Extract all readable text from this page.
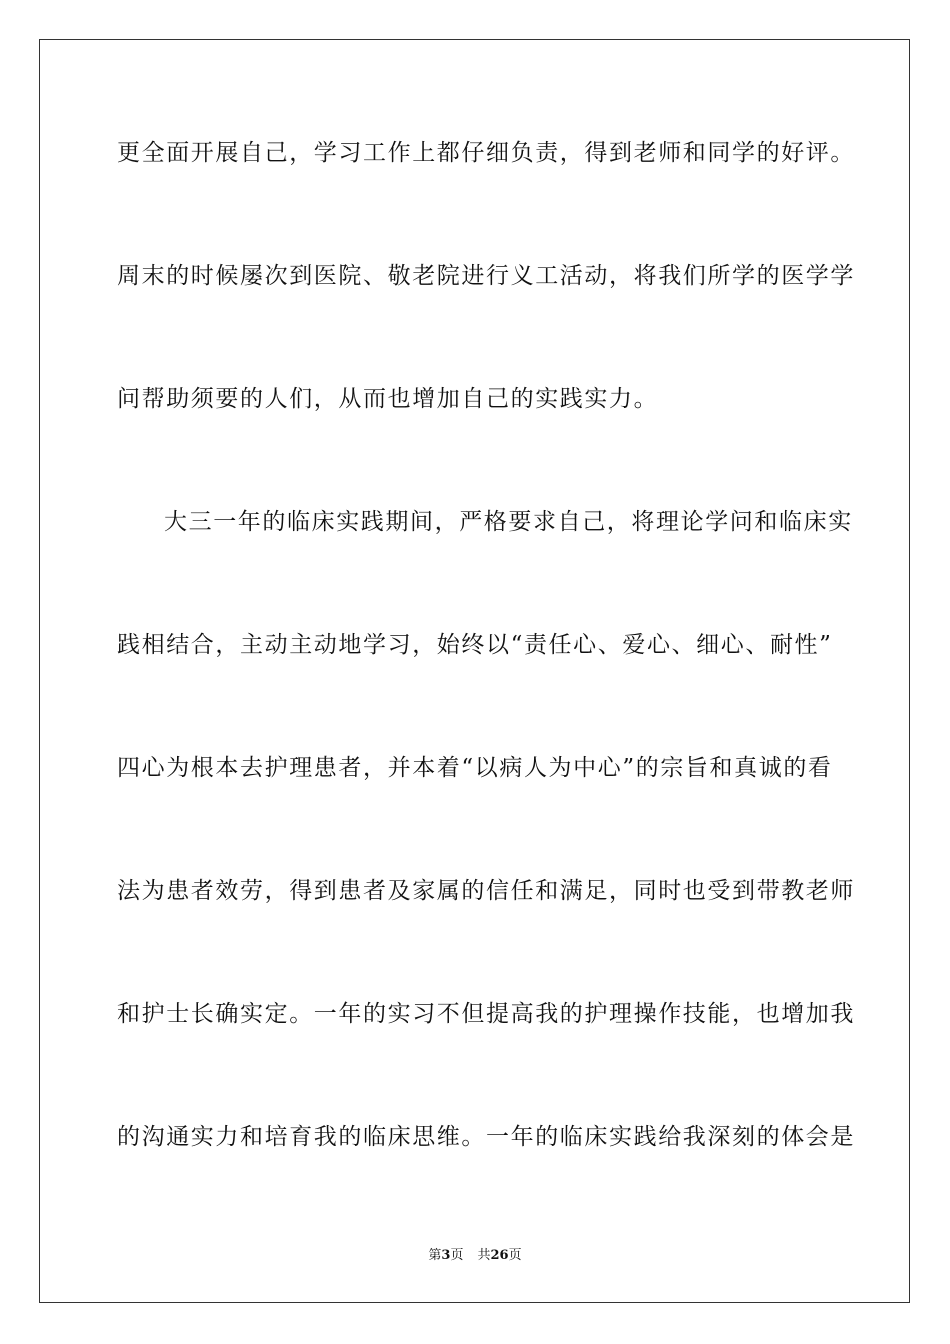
更全面开展自己，学习工作上都仔细负责，得到老师和同学的好评。
周末的时候屡次到医院、敬老院进行义工活动，将我们所学的医学学
问帮助须要的人们，从而也增加自己的实践实力。
大三一年的临床实践期间，严格要求自己，将理论学问和临床实
践相结合，主动主动地学习，始终以“责任心、爱心、细心、耐性”
四心为根本去护理患者，并本着“以病人为中心”的宗旨和真诚的看
法为患者效劳，得到患者及家属的信任和满足，同时也受到带教老师
和护士长确实定。一年的实习不但提高我的护理操作技能，也增加我
的沟通实力和培育我的临床思维。一年的临床实践给我深刻的体会是
第3页 共26页
